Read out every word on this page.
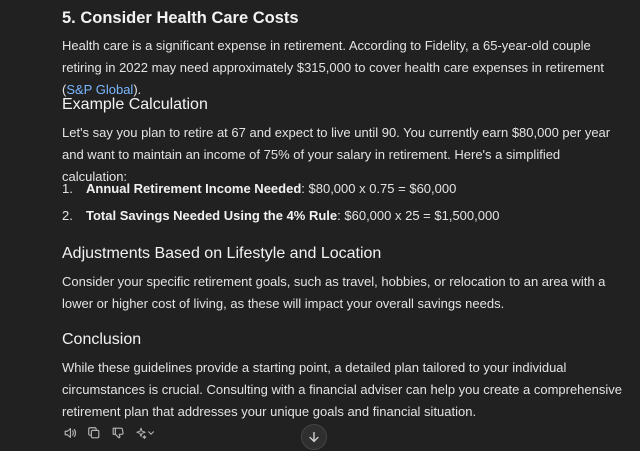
5. Consider Health Care Costs

Health care is a significant expense in retirement. According to Fidelity, a 65-year-old couple retiring in 2022 may need approximately $315,000 to cover health care expenses in retirement (S&P Global).

Example Calculation

Let's say you plan to retire at 67 and expect to live until 90. You currently earn $80,000 per year and want to maintain an income of 75% of your salary in retirement. Here's a simplified calculation:

1.	Annual Retirement Income Needed: $80,000 x 0.75 = $60,000
2.	Total Savings Needed Using the 4% Rule: $60,000 x 25 = $1,500,000
Adjustments Based on Lifestyle and Location

Consider your specific retirement goals, such as travel, hobbies, or relocation to an area with a lower or higher cost of living, as these will impact your overall savings needs.

Conclusion

While these guidelines provide a starting point, a detailed plan tailored to your individual circumstances is crucial. Consulting with a financial adviser can help you create a comprehensive retirement plan that addresses your unique goals and financial situation.
